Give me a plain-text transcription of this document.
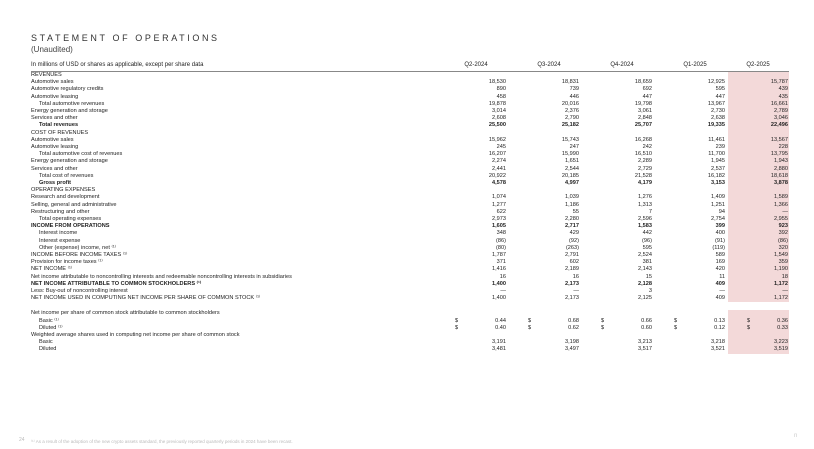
STATEMENT OF OPERATIONS
(Unaudited)
In millions of USD or shares as applicable, except per share data	Q2-2024	Q3-2024	Q4-2024	Q1-2025	Q2-2025
REVENUES
Automotive sales	18,530	18,831	18,659	12,925	15,787
Automotive regulatory credits	890	739	692	595	439
Automotive leasing	458	446	447	447	435
Total automotive revenues	19,878	20,016	19,798	13,967	16,661
Energy generation and storage	3,014	2,376	3,061	2,730	2,789
Services and other	2,608	2,790	2,848	2,638	3,046
Total revenues	25,500	25,182	25,707	19,335	22,496
COST OF REVENUES
Automotive sales	15,962	15,743	16,268	11,461	13,567
Automotive leasing	245	247	242	239	228
Total automotive cost of revenues	16,207	15,990	16,510	11,700	13,795
Energy generation and storage	2,274	1,651	2,289	1,945	1,943
Services and other	2,441	2,544	2,729	2,537	2,880
Total cost of revenues	20,922	20,185	21,528	16,182	18,618
Gross profit	4,578	4,997	4,179	3,153	3,878
OPERATING EXPENSES
Research and development	1,074	1,039	1,276	1,409	1,589
Selling, general and administrative	1,277	1,186	1,313	1,251	1,366
Restructuring and other	622	55	7	94	—
Total operating expenses	2,973	2,280	2,596	2,754	2,955
INCOME FROM OPERATIONS	1,605	2,717	1,583	399	923
Interest income	348	429	442	400	392
Interest expense	(86)	(92)	(96)	(91)	(86)
Other (expense) income, net ⁽¹⁾	(80)	(263)	595	(119)	320
INCOME BEFORE INCOME TAXES ⁽¹⁾	1,787	2,791	2,524	589	1,549
Provision for income taxes ⁽¹⁾	371	602	381	169	359
NET INCOME ⁽¹⁾	1,416	2,189	2,143	420	1,190
Net income attributable to noncontrolling interests and redeemable noncontrolling interests in subsidiaries	16	16	15	11	18
NET INCOME ATTRIBUTABLE TO COMMON STOCKHOLDERS ⁽¹⁾	1,400	2,173	2,128	409	1,172
Less: Buy-out of noncontrolling interest	—	—	3	—	—
NET INCOME USED IN COMPUTING NET INCOME PER SHARE OF COMMON STOCK ⁽¹⁾	1,400	2,173	2,125	409	1,172
Net income per share of common stock attributable to common stockholders
Basic ⁽¹⁾	$	0.44	$	0.68	$	0.66	$	0.13	$	0.36
Diluted ⁽¹⁾	$	0.40	$	0.62	$	0.60	$	0.12	$	0.33
Weighted average shares used in computing net income per share of common stock
Basic	3,191	3,198	3,213	3,218	3,223
Diluted	3,481	3,497	3,517	3,521	3,519
24 ⁽¹⁾ As a result of the adoption of the new crypto assets standard, the previously reported quarterly periods in 2024 have been recast.
n
